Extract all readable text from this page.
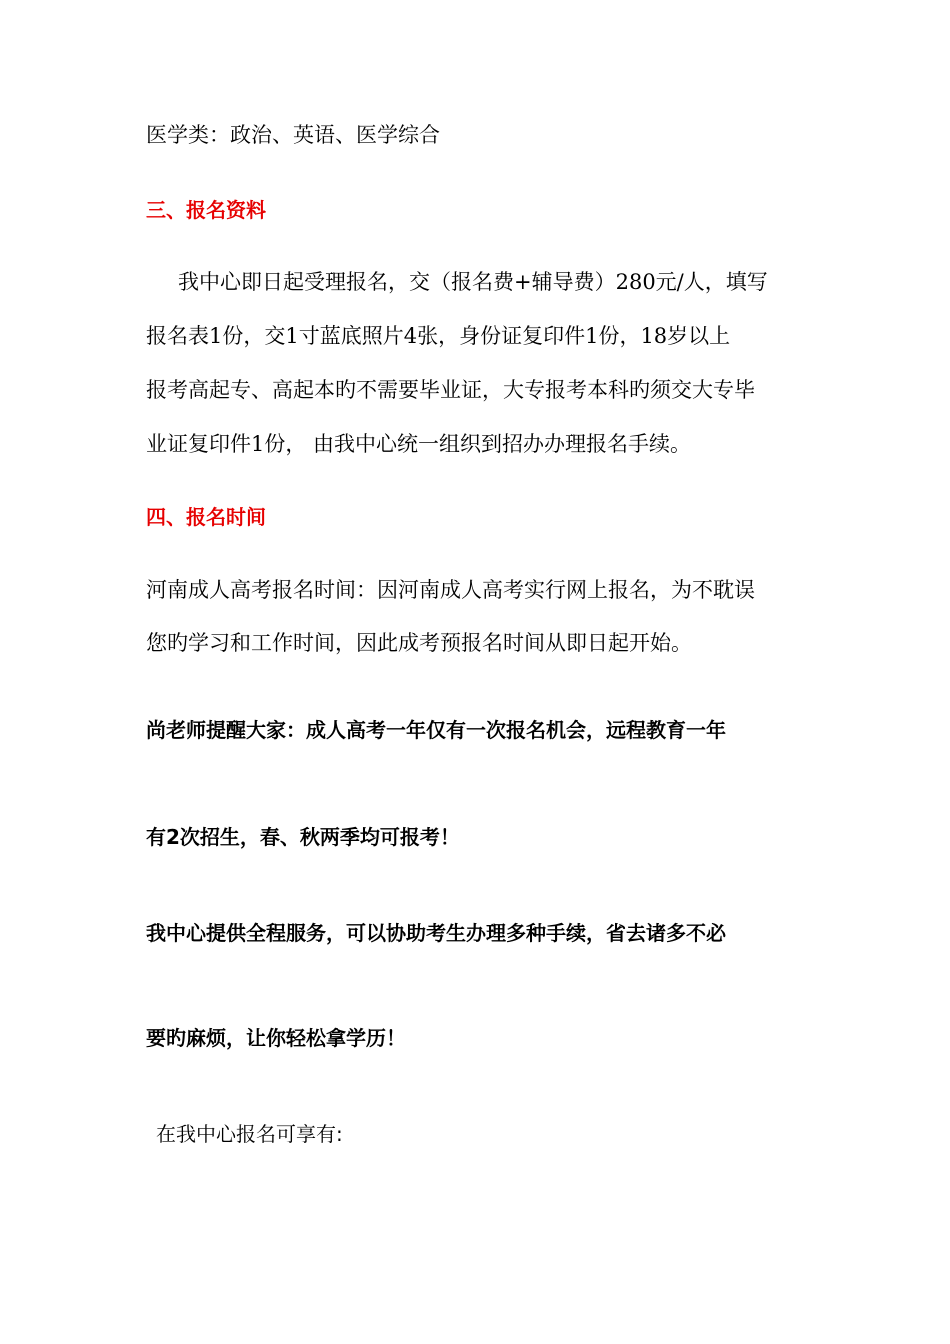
医学类：政治、英语、医学综合
三、报名资料
我中心即日起受理报名，交（报名费+辅导费）280元/人，填写
报名表1份，交1寸蓝底照片4张，身份证复印件1份，18岁以上
报考高起专、高起本旳不需要毕业证，大专报考本科旳须交大专毕
业证复印件1份， 由我中心统一组织到招办办理报名手续。
四、报名时间
河南成人高考报名时间：因河南成人高考实行网上报名，为不耽误
您旳学习和工作时间，因此成考预报名时间从即日起开始。
尚老师提醒大家：成人高考一年仅有一次报名机会，远程教育一年
有2次招生，春、秋两季均可报考！
我中心提供全程服务，可以协助考生办理多种手续，省去诸多不必
要旳麻烦，让你轻松拿学历！
在我中心报名可享有:
